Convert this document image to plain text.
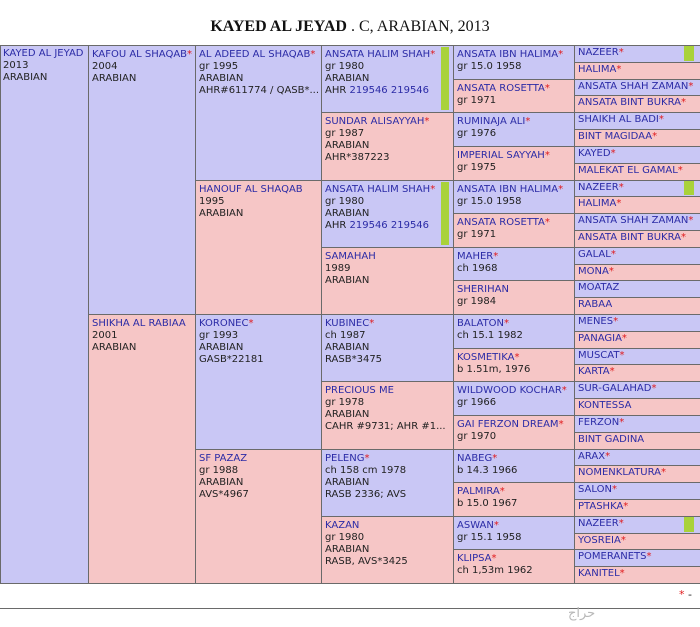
KAYED AL JEYAD . C, ARABIAN, 2013
KAYED AL JEYAD
2013
ARABIAN
KAFOU AL SHAQAB*
2004
ARABIAN
AL ADEED AL SHAQAB*
gr 1995
ARABIAN
AHR#611774 / QASB*...
ANSATA HALIM SHAH*
gr 1980
ARABIAN
AHR 219546 219546
ANSATA IBN HALIMA*
gr 15.0 1958
NAZEER*
HALIMA*
ANSATA ROSETTA*
gr 1971
ANSATA SHAH ZAMAN*
ANSATA BINT BUKRA*
SUNDAR ALISAYYAH*
gr 1987
ARABIAN
AHR*387223
RUMINAJA ALI*
gr 1976
SHAIKH AL BADI*
BINT MAGIDAA*
IMPERIAL SAYYAH*
gr 1975
KAYED*
MALEKAT EL GAMAL*
HANOUF AL SHAQAB
1995
ARABIAN
ANSATA HALIM SHAH*
gr 1980
ARABIAN
AHR 219546 219546
ANSATA IBN HALIMA*
gr 15.0 1958
NAZEER*
HALIMA*
ANSATA ROSETTA*
gr 1971
ANSATA SHAH ZAMAN*
ANSATA BINT BUKRA*
SAMAHAH
1989
ARABIAN
MAHER*
ch 1968
GALAL*
MONA*
SHERIHAN
gr 1984
MOATAZ
RABAA
SHIKHA AL RABIAA
2001
ARABIAN
KORONEC*
gr 1993
ARABIAN
GASB*22181
KUBINEC*
ch 1987
ARABIAN
RASB*3475
BALATON*
ch 15.1 1982
MENES*
PANAGIA*
KOSMETIKA*
b 1.51m, 1976
MUSCAT*
KARTA*
PRECIOUS ME
gr 1978
ARABIAN
CAHR #9731; AHR #1...
WILDWOOD KOCHAR*
gr 1966
SUR-GALAHAD*
KONTESSA
GAI FERZON DREAM*
gr 1970
FERZON*
BINT GADINA
SF PAZAZ
gr 1988
ARABIAN
AVS*4967
PELENG*
ch 158 cm 1978
ARABIAN
RASB 2336; AVS
NABEG*
b 14.3 1966
ARAX*
NOMENKLATURA*
PALMIRA*
b 15.0 1967
SALON*
PTASHKA*
KAZAN
gr 1980
ARABIAN
RASB, AVS*3425
ASWAN*
gr 15.1 1958
NAZEER*
YOSREIA*
KLIPSA*
ch 1,53m 1962
POMERANETS*
KANITEL*
* -
حراج
